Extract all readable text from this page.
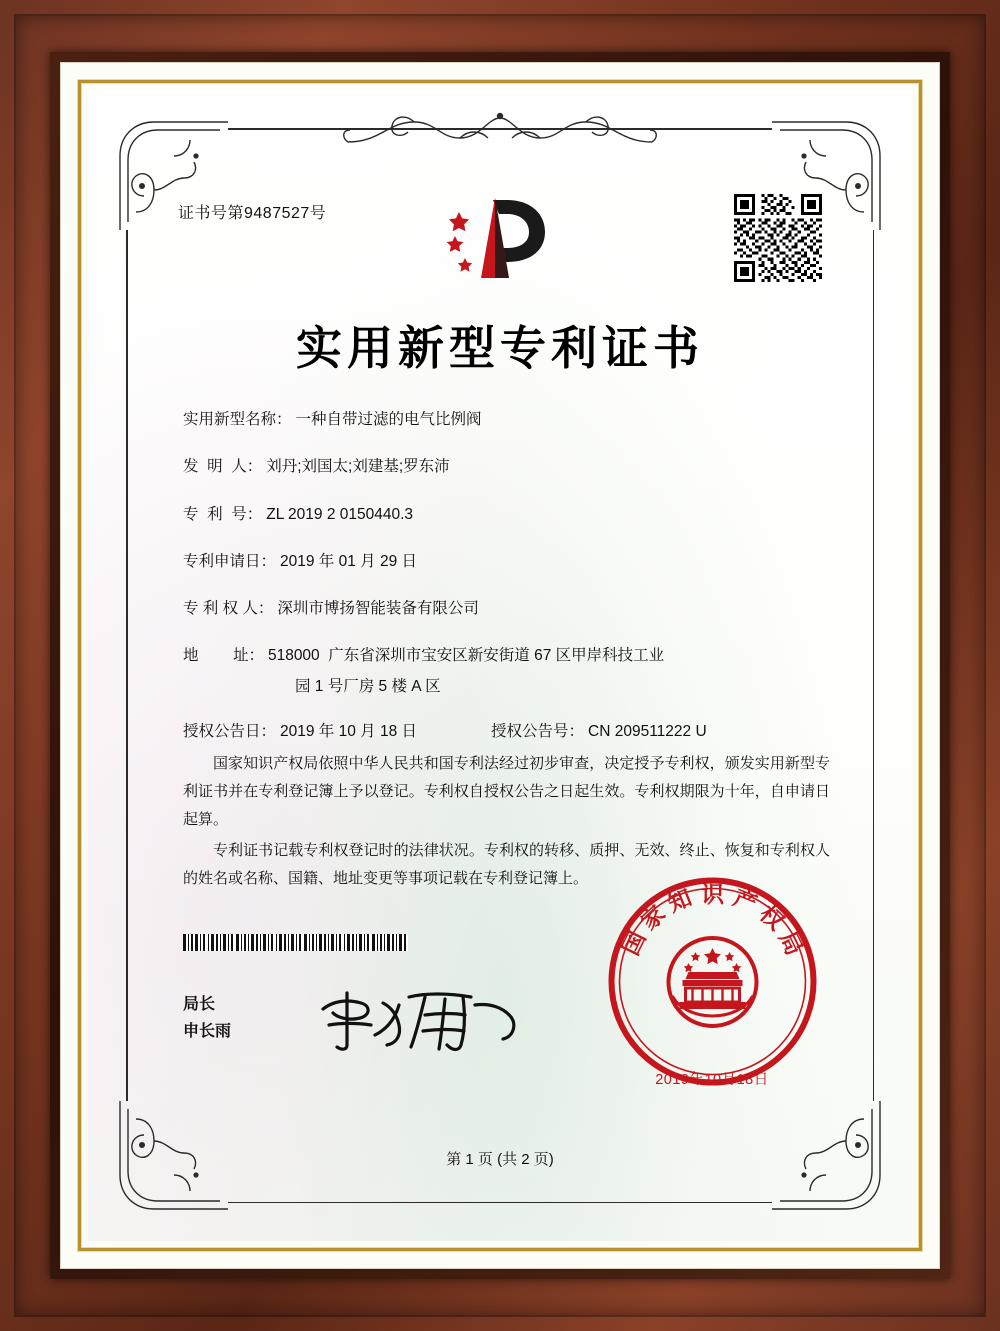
证书号第9487527号
实用新型专利证书
实用新型名称： 一种自带过滤的电气比例阀
发  明  人： 刘丹;刘国太;刘建基;罗东沛
专  利  号： ZL 2019 2 0150440.3
专利申请日： 2019 年 01 月 29 日
专 利 权 人： 深圳市博扬智能装备有限公司
地        址： 518000  广东省深圳市宝安区新安街道 67 区甲岸科技工业
园 1 号厂房 5 楼 A 区
授权公告日： 2019 年 10 月 18 日	授权公告号： CN 209511222 U

国家知识产权局依照中华人民共和国专利法经过初步审查，决定授予专利权，颁发实用新型专利证书并在专利登记簿上予以登记。专利权自授权公告之日起生效。专利权期限为十年，自申请日起算。

专利证书记载专利权登记时的法律状况。专利权的转移、质押、无效、终止、恢复和专利权人的姓名或名称、国籍、地址变更等事项记载在专利登记簿上。

局长
申长雨
国
家
知 识 产
权
局
2019年10月18日
第 1 页 (共 2 页)
